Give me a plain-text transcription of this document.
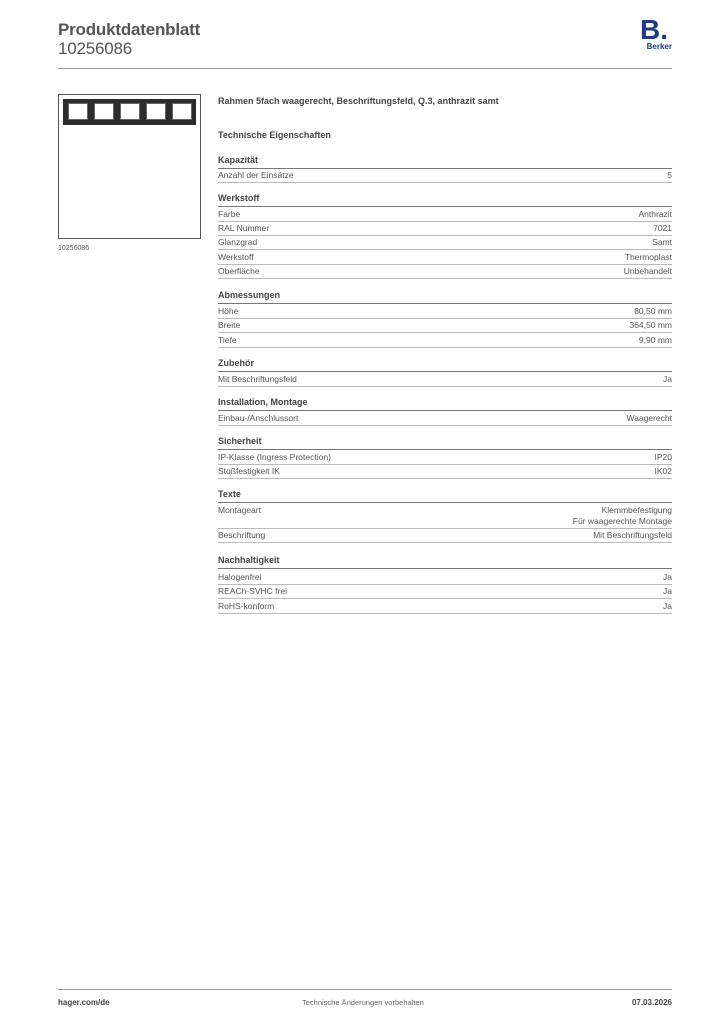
Produktdatenblatt
10256086
B.
Berker
10256086
Rahmen 5fach waagerecht, Beschriftungsfeld, Q.3, anthrazit samt
Technische Eigenschaften
Kapazität
Anzahl der Einsätze	5
Werkstoff
Farbe	Anthrazit
RAL Nummer	7021
Glanzgrad	Samt
Werkstoff	Thermoplast
Oberfläche	Unbehandelt
Abmessungen
Höhe	80,50 mm
Breite	364,50 mm
Tiefe	9,90 mm
Zubehör
Mit Beschriftungsfeld	Ja
Installation, Montage
Einbau-/Anschlussort	Waagerecht
Sicherheit
IP-Klasse (Ingress Protection)	IP20
Stoßfestigkeit IK	IK02
Texte
Montageart	Klemmbefestigung
Für waagerechte Montage
Beschriftung	Mit Beschriftungsfeld
Nachhaltigkeit
Halogenfrei	Ja
REACh-SVHC frei	Ja
RoHS-konform	Ja
hager.com/de	Technische Änderungen vorbehalten	07.03.2026
